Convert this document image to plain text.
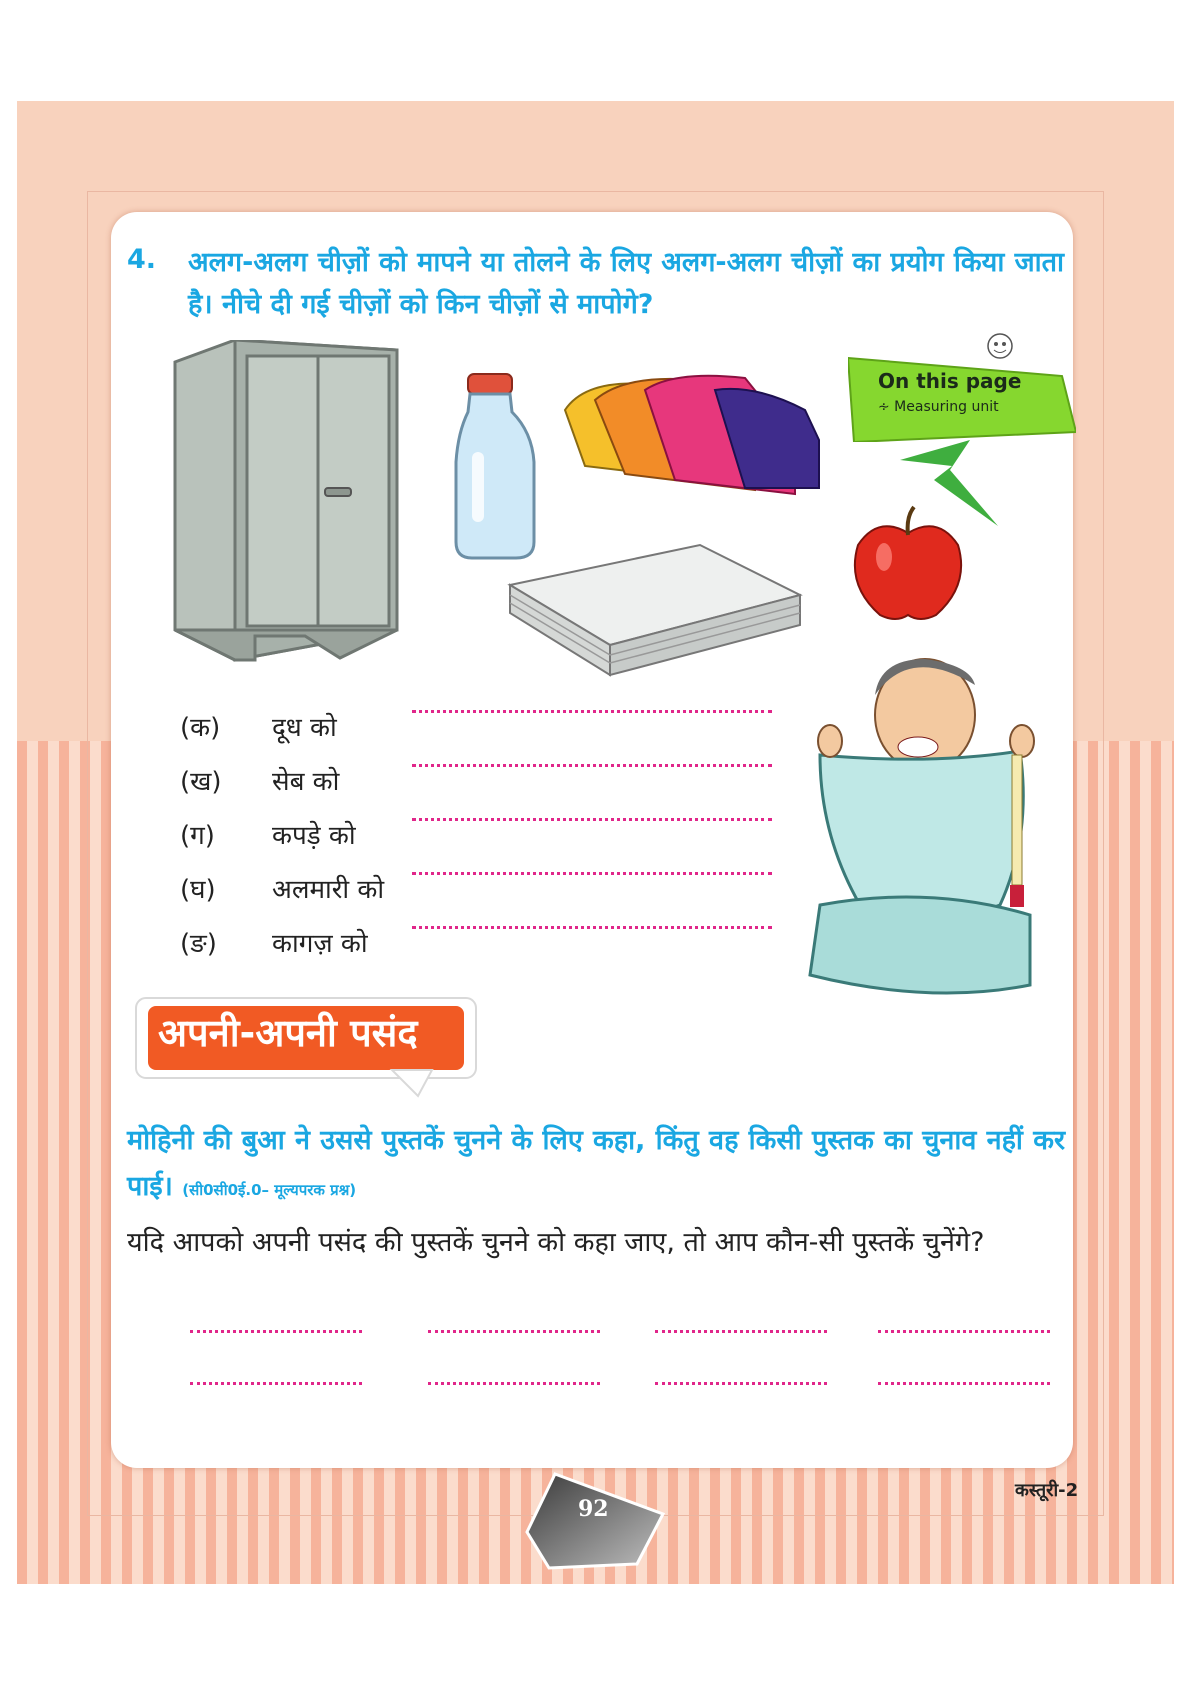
4. अलग-अलग चीज़ों को मापने या तोलने के लिए अलग-अलग चीज़ों का प्रयोग किया जाता है। नीचे दी गई चीज़ों को किन चीज़ों से मापोगे?
On this page
∻ Measuring unit
(क) दूध को
(ख) सेब को
(ग) कपड़े को
(घ) अलमारी को
(ङ) कागज़ को
अपनी-अपनी पसंद
मोहिनी की बुआ ने उससे पुस्तकें चुनने के लिए कहा, किंतु वह किसी पुस्तक का चुनाव नहीं कर पाई। (सी0सी0ई.0– मूल्यपरक प्रश्न)
यदि आपको अपनी पसंद की पुस्तकें चुनने को कहा जाए, तो आप कौन-सी पुस्तकें चुनेंगे?
92
कस्तूरी-2
